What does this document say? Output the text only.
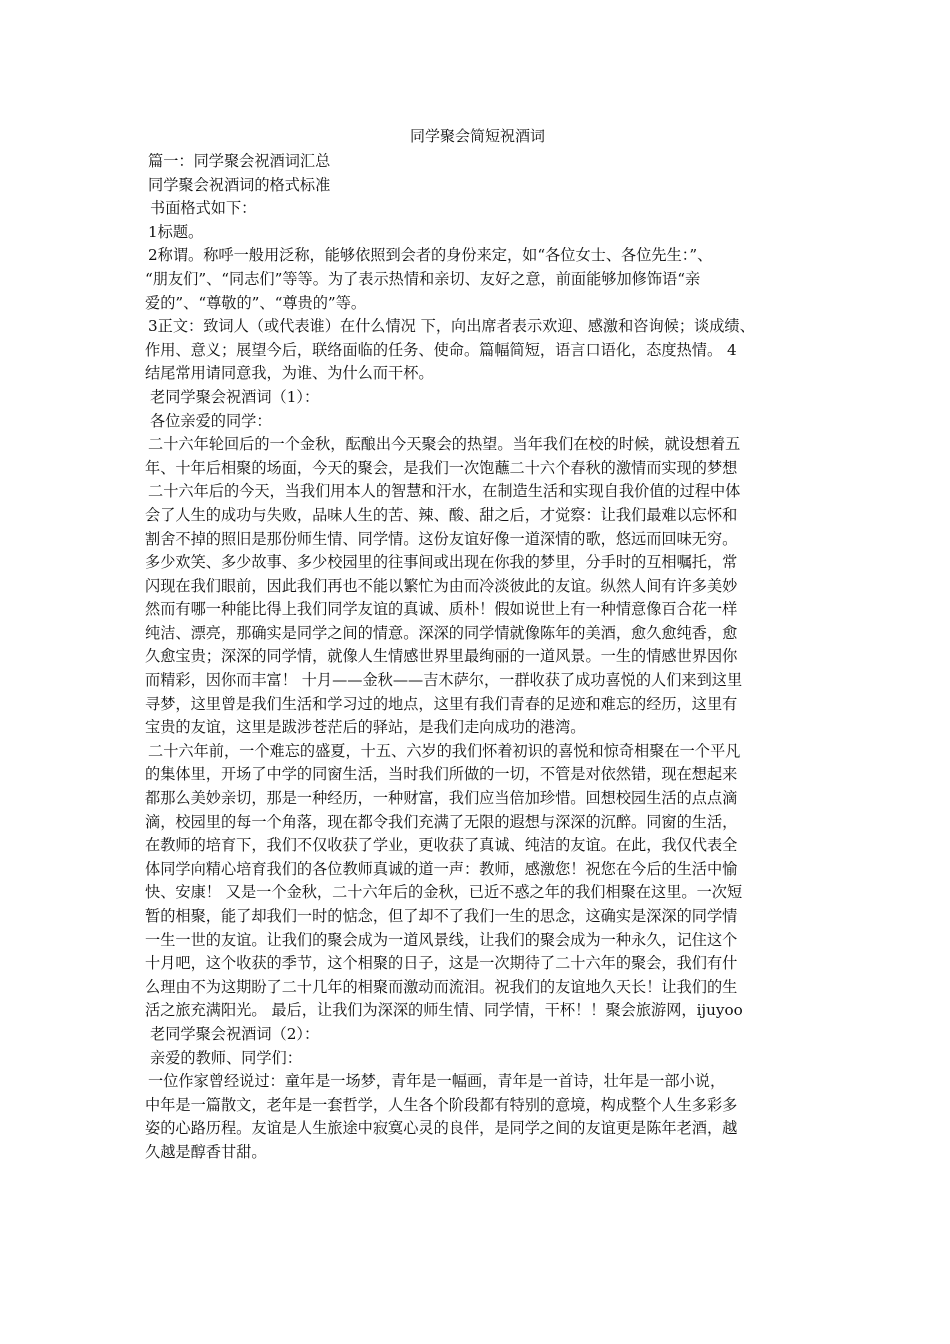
同学聚会简短祝酒词

篇一：同学聚会祝酒词汇总

同学聚会祝酒词的格式标准

书面格式如下：

1标题。

2称谓。称呼一般用泛称，能够依照到会者的身份来定，如“各位女士、各位先生：”、

“朋友们”、“同志们”等等。为了表示热情和亲切、友好之意，前面能够加修饰语“亲

爱的”、“尊敬的”、“尊贵的”等。

3正文：致词人（或代表谁）在什么情况 下，向出席者表示欢迎、感激和咨询候；谈成绩、

作用、意义；展望今后，联络面临的任务、使命。篇幅简短，语言口语化，态度热情。 4

结尾常用请同意我，为谁、为什么而干杯。

老同学聚会祝酒词（1）：

各位亲爱的同学：

二十六年轮回后的一个金秋，酝酿出今天聚会的热望。当年我们在校的时候，就设想着五

年、十年后相聚的场面，今天的聚会，是我们一次饱蘸二十六个春秋的激情而实现的梦想

二十六年后的今天，当我们用本人的智慧和汗水，在制造生活和实现自我价值的过程中体

会了人生的成功与失败，品味人生的苦、辣、酸、甜之后，才觉察：让我们最难以忘怀和

割舍不掉的照旧是那份师生情、同学情。这份友谊好像一道深情的歌，悠远而回味无穷。

多少欢笑、多少故事、多少校园里的往事间或出现在你我的梦里，分手时的互相嘱托，常

闪现在我们眼前，因此我们再也不能以繁忙为由而冷淡彼此的友谊。纵然人间有许多美妙

然而有哪一种能比得上我们同学友谊的真诚、质朴！假如说世上有一种情意像百合花一样

纯洁、漂亮，那确实是同学之间的情意。深深的同学情就像陈年的美酒，愈久愈纯香，愈

久愈宝贵；深深的同学情，就像人生情感世界里最绚丽的一道风景。一生的情感世界因你

而精彩，因你而丰富！ 十月——金秋——吉木萨尔，一群收获了成功喜悦的人们来到这里

寻梦，这里曾是我们生活和学习过的地点，这里有我们青春的足迹和难忘的经历，这里有

宝贵的友谊，这里是跋涉苍茫后的驿站，是我们走向成功的港湾。

二十六年前，一个难忘的盛夏，十五、六岁的我们怀着初识的喜悦和惊奇相聚在一个平凡

的集体里，开场了中学的同窗生活，当时我们所做的一切，不管是对依然错，现在想起来

都那么美妙亲切，那是一种经历，一种财富，我们应当倍加珍惜。回想校园生活的点点滴

滴，校园里的每一个角落，现在都令我们充满了无限的遐想与深深的沉醉。同窗的生活，

在教师的培育下，我们不仅收获了学业，更收获了真诚、纯洁的友谊。在此，我仅代表全

体同学向精心培育我们的各位教师真诚的道一声：教师，感激您！祝您在今后的生活中愉

快、安康！ 又是一个金秋，二十六年后的金秋，已近不惑之年的我们相聚在这里。一次短

暂的相聚，能了却我们一时的惦念，但了却不了我们一生的思念，这确实是深深的同学情

一生一世的友谊。让我们的聚会成为一道风景线，让我们的聚会成为一种永久，记住这个

十月吧，这个收获的季节，这个相聚的日子，这是一次期待了二十六年的聚会，我们有什

么理由不为这期盼了二十几年的相聚而激动而流泪。祝我们的友谊地久天长！让我们的生

活之旅充满阳光。 最后，让我们为深深的师生情、同学情，干杯！！聚会旅游网，ijuyoo

老同学聚会祝酒词（2）：

亲爱的教师、同学们：

一位作家曾经说过：童年是一场梦，青年是一幅画，青年是一首诗，壮年是一部小说，

中年是一篇散文，老年是一套哲学，人生各个阶段都有特别的意境，构成整个人生多彩多

姿的心路历程。友谊是人生旅途中寂寞心灵的良伴，是同学之间的友谊更是陈年老酒，越

久越是醇香甘甜。
